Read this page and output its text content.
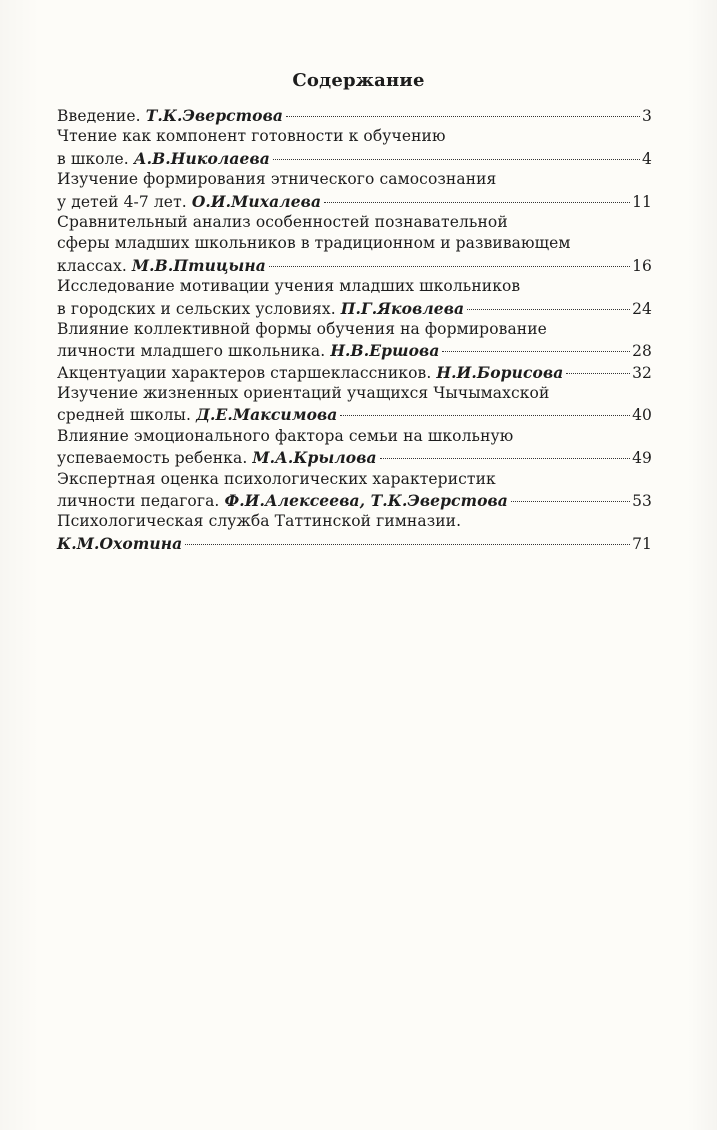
Содержание
Введение. Т.К.Эверстова	3
Чтение как компонент готовности к обучению
в школе. А.В.Николаева	4
Изучение формирования этнического самосознания
у детей 4-7 лет. О.И.Михалева	11
Сравнительный анализ особенностей познавательной
сферы младших школьников в традиционном и развивающем
классах. М.В.Птицына	16
Исследование мотивации учения младших школьников
в городских и сельских условиях. П.Г.Яковлева	24
Влияние коллективной формы обучения на формирование
личности младшего школьника. Н.В.Ершова	28
Акцентуации характеров старшеклассников. Н.И.Борисова	32
Изучение жизненных ориентаций учащихся Чычымахской
средней школы. Д.Е.Максимова	40
Влияние эмоционального фактора семьи на школьную
успеваемость ребенка. М.А.Крылова	49
Экспертная оценка психологических характеристик
личности педагога. Ф.И.Алексеева, Т.К.Эверстова	53
Психологическая служба Таттинской гимназии.
К.М.Охотина	71
